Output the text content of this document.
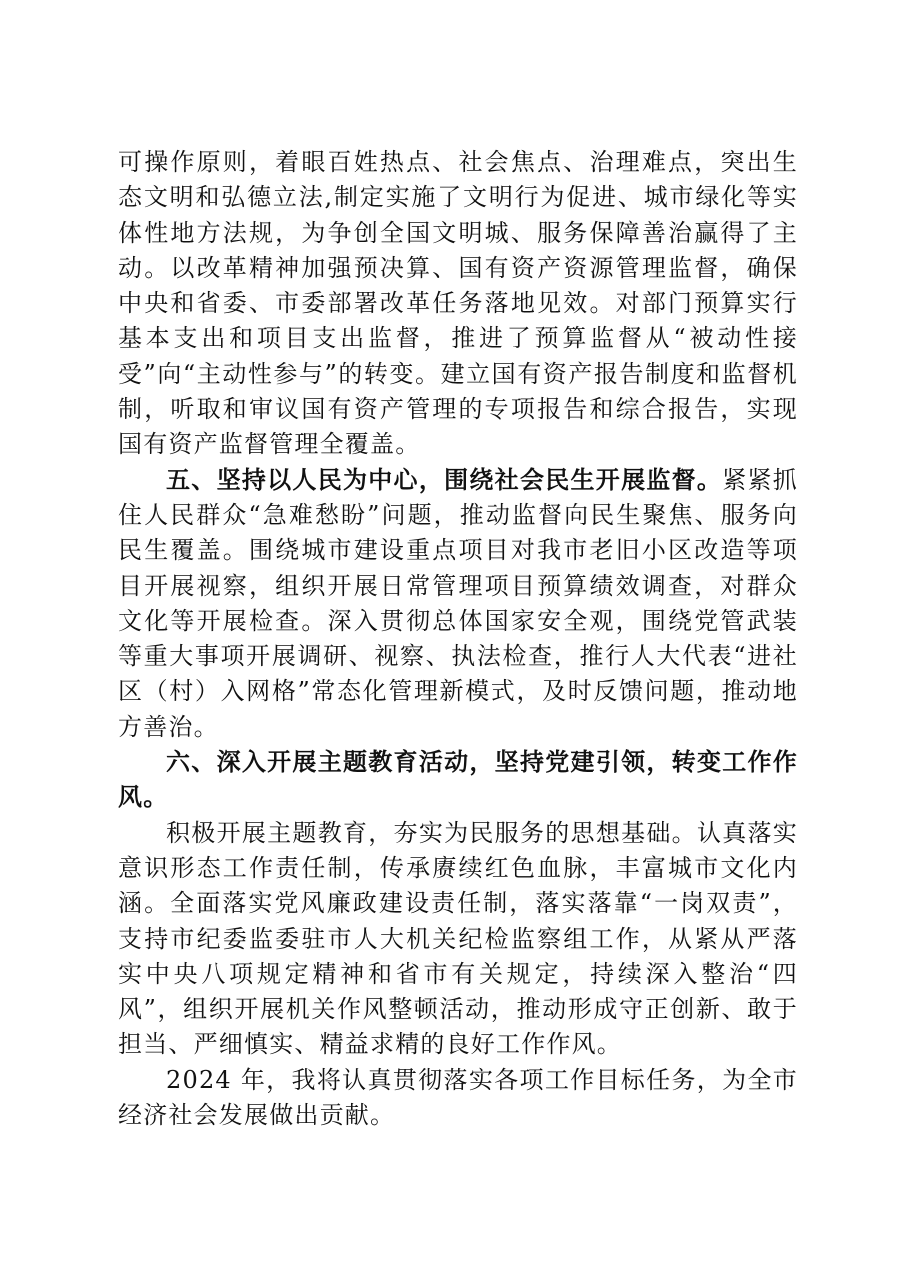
可操作原则，着眼百姓热点、社会焦点、治理难点，突出生态文明和弘德立法,制定实施了文明行为促进、城市绿化等实体性地方法规，为争创全国文明城、服务保障善治赢得了主动。以改革精神加强预决算、国有资产资源管理监督，确保中央和省委、市委部署改革任务落地见效。对部门预算实行基本支出和项目支出监督，推进了预算监督从“被动性接受”向“主动性参与”的转变。建立国有资产报告制度和监督机制，听取和审议国有资产管理的专项报告和综合报告，实现国有资产监督管理全覆盖。

五、坚持以人民为中心，围绕社会民生开展监督。紧紧抓住人民群众“急难愁盼”问题，推动监督向民生聚焦、服务向民生覆盖。围绕城市建设重点项目对我市老旧小区改造等项目开展视察，组织开展日常管理项目预算绩效调查，对群众文化等开展检查。深入贯彻总体国家安全观，围绕党管武装等重大事项开展调研、视察、执法检查，推行人大代表“进社区（村）入网格”常态化管理新模式，及时反馈问题，推动地方善治。

六、深入开展主题教育活动，坚持党建引领，转变工作作风。

积极开展主题教育，夯实为民服务的思想基础。认真落实意识形态工作责任制，传承赓续红色血脉，丰富城市文化内涵。全面落实党风廉政建设责任制，落实落靠“一岗双责”，支持市纪委监委驻市人大机关纪检监察组工作，从紧从严落实中央八项规定精神和省市有关规定，持续深入整治“四风”，组织开展机关作风整顿活动，推动形成守正创新、敢于担当、严细慎实、精益求精的良好工作作风。

2024 年，我将认真贯彻落实各项工作目标任务，为全市经济社会发展做出贡献。
